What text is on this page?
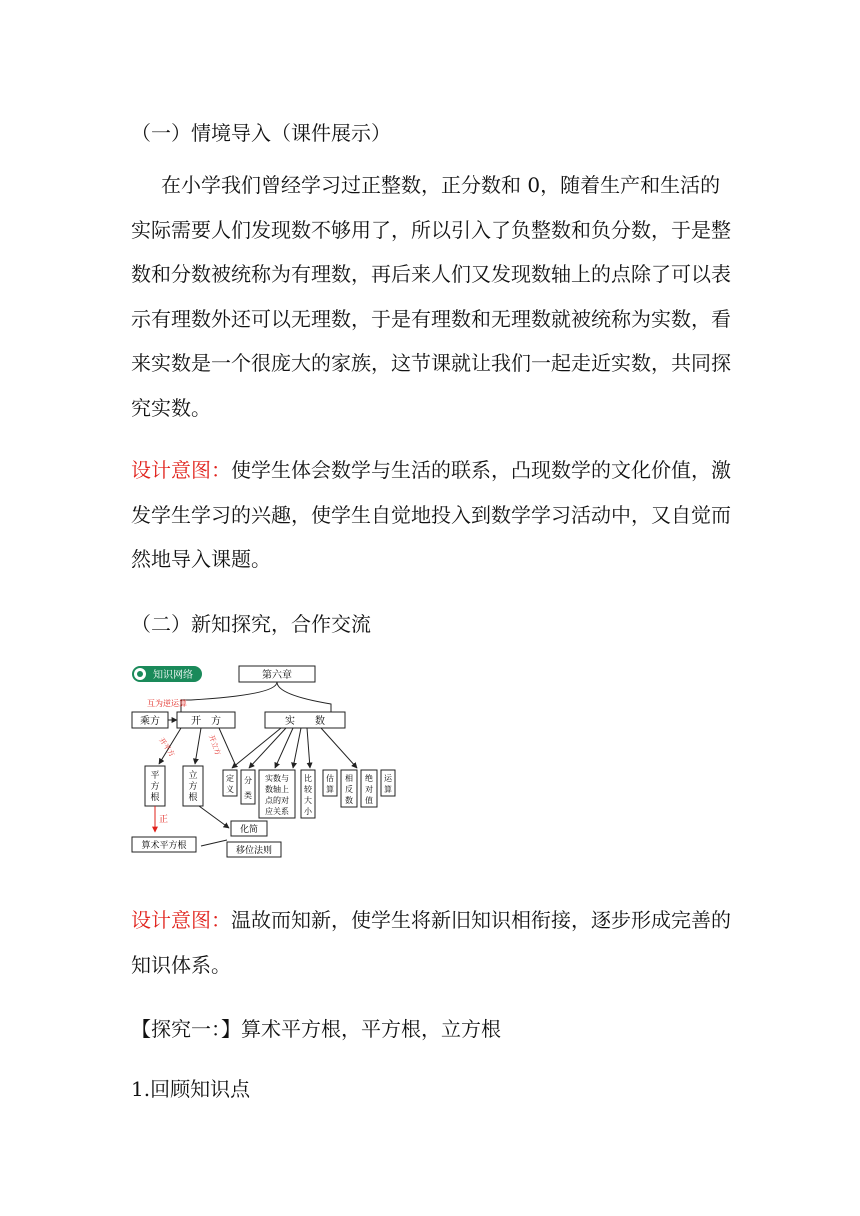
（一）情境导入（课件展示）
在小学我们曾经学习过正整数，正分数和 0，随着生产和生活的实际需要人们发现数不够用了，所以引入了负整数和负分数，于是整数和分数被统称为有理数，再后来人们又发现数轴上的点除了可以表示有理数外还可以无理数，于是有理数和无理数就被统称为实数，看来实数是一个很庞大的家族，这节课就让我们一起走近实数，共同探究实数。
设计意图：使学生体会数学与生活的联系，凸现数学的文化价值，激发学生学习的兴趣，使学生自觉地投入到数学学习活动中，又自觉而然地导入课题。
（二）新知探究，合作交流
知识网络	第六章
互为逆运算
乘方	开　方	实　　数
开平方	开立方
平
方
根
立
方
根
正
算术平方根
化简
移位法则
定
义
分
类
实数与
数轴上
点的对
应关系
比
较
大
小
估
算
相
反
数
绝
对
值
运
算
设计意图：温故而知新，使学生将新旧知识相衔接，逐步形成完善的知识体系。
【探究一：】算术平方根，平方根，立方根
1.回顾知识点
